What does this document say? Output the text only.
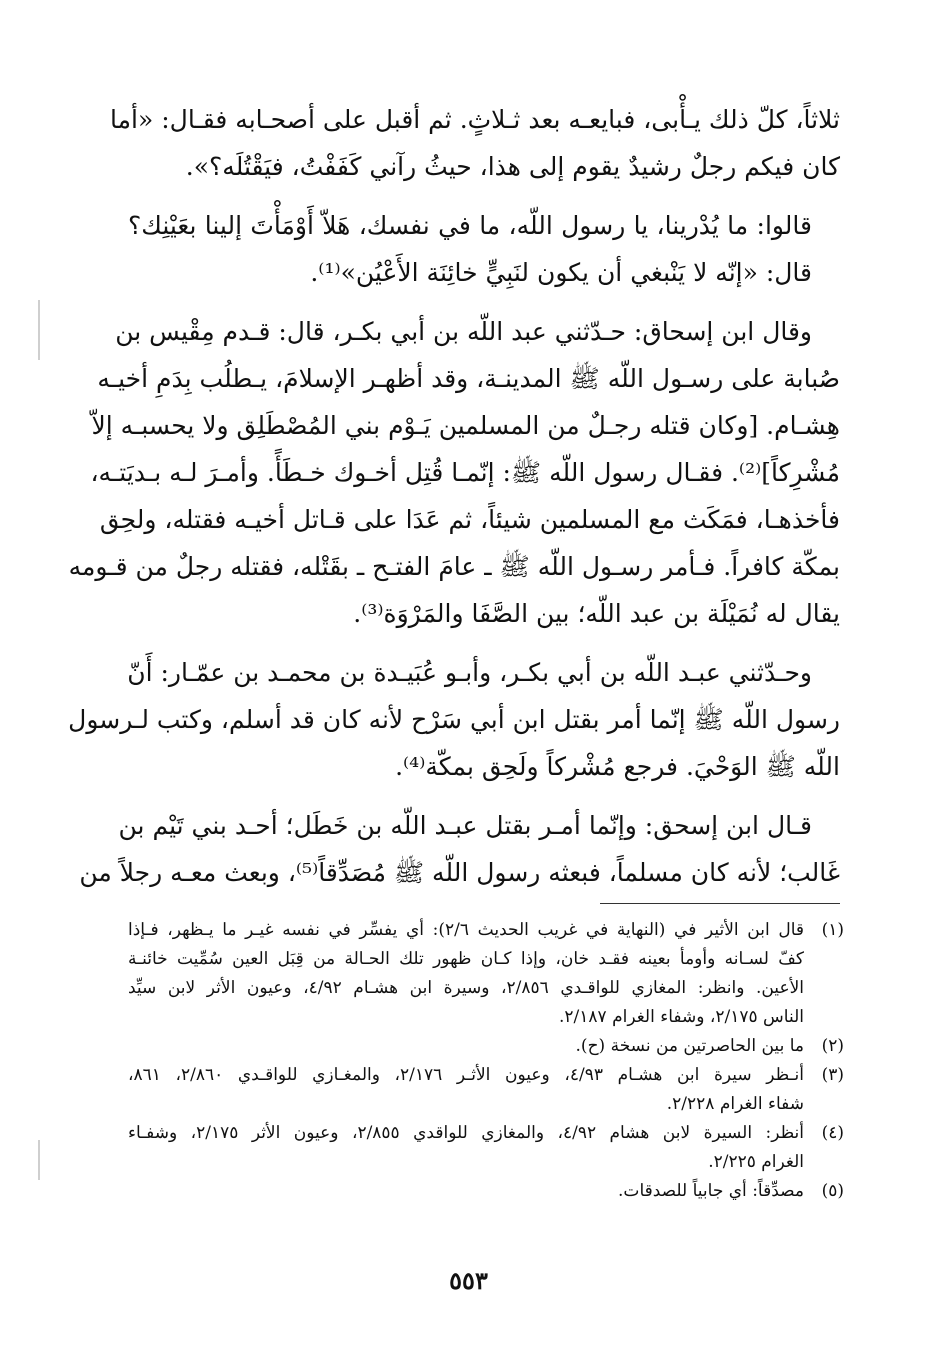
ثلاثاً، كلّ ذلك يـأْبى، فبايعـه بعد ثـلاثٍ. ثم أقبل على أصحـابه فقـال: «أما
كان فيكم رجلٌ رشيدٌ يقوم إلى هذا، حيثُ رآني كَفَفْتُ، فيَقْتُلَه؟».

قالوا: ما يُدْرينا، يا رسول اللّه، ما في نفسك، هَلاّ أَوْمَأْتَ إلينا بعَيْنِك؟
قال: «إنّه لا يَنْبغي أن يكون لنَبِيٍّ خائِنَة الأَعْيُن»⁽¹⁾.

وقال ابن إسحاق: حـدّثني عبد اللّه بن أبي بكـر، قال: قـدم مِقْيس بن
صُبابة على رسـول اللّه ﷺ المدينـة، وقد أظهـر الإسلامَ، يـطلُب بِدَمِ أخيـه
هِشـام. [وكان قتله رجـلٌ من المسلمين يَـوْم بني المُصْطَلِق ولا يحسبـه إلاّ
مُشْرِكاً]⁽²⁾. فقـال رسول اللّه ﷺ: إنّمـا قُتِل أخـوك خـطَأً. وأمـرَ لـه بـديَتـه،
فأخذهـا، فمَكَث مع المسلمين شيئاً، ثم عَدَا على قـاتل أخيـه فقتله، ولحِق
بمكّة كافراً. فـأمر رسـول اللّه ﷺ ـ عامَ الفتـح ـ بقَتْله، فقتله رجلٌ من قـومه
يقال له نُمَيْلَة بن عبد اللّه؛ بين الصَّفَا والمَرْوَة⁽³⁾.

وحـدّثني عبـد اللّه بن أبي بكـر، وأبـو عُبَيـدة بن محمـد بن عمّـار: أَنّ
رسول اللّه ﷺ إنّما أمر بقتل ابن أبي سَرْح لأنه كان قد أسلم، وكتب لـرسول
اللّه ﷺ الوَحْيَ. فرجع مُشْركاً ولَحِق بمكّة⁽⁴⁾.

قـال ابن إسحق: وإنّما أمـر بقتل عبـد اللّه بن خَطَل؛ أحـد بني تَيْم بن
غَالب؛ لأنه كان مسلماً، فبعثه رسول اللّه ﷺ مُصَدِّقاً⁽⁵⁾، وبعث معـه رجلاً من

(١)
قال ابن الأثير في (النهاية في غريب الحديث ٢/٦): أي يفسِّر في نفسه غيـر ما يـظهر، فـإذا
كفّ لسـانه وأومأ بعينه فقـد خان، وإذا كـان ظهور تلك الحـالة من قِبَل العين سُمِّيت خائنـة
الأعين. وانظر: المغازي للواقـدي ٢/٨٥٦، وسيرة ابن هشـام ٤/٩٢، وعيون الأثر لابن سيِّد
الناس ٢/١٧٥، وشفاء الغرام ٢/١٨٧.
(٢)
ما بين الحاصرتين من نسخة (ح).
(٣)
أنـظر سيرة ابن هشـام ٤/٩٣، وعيون الأثـر ٢/١٧٦، والمغـازي للواقـدي ٢/٨٦٠، ٨٦١،
شفاء الغرام ٢/٢٢٨.
(٤)
أنظر: السيرة لابن هشام ٤/٩٢، والمغازي للواقدي ٢/٨٥٥، وعيون الأثر ٢/١٧٥، وشفـاء
الغرام ٢/٢٢٥.
(٥)
مصدِّقاً: أي جابياً للصدقات.
٥٥٣
